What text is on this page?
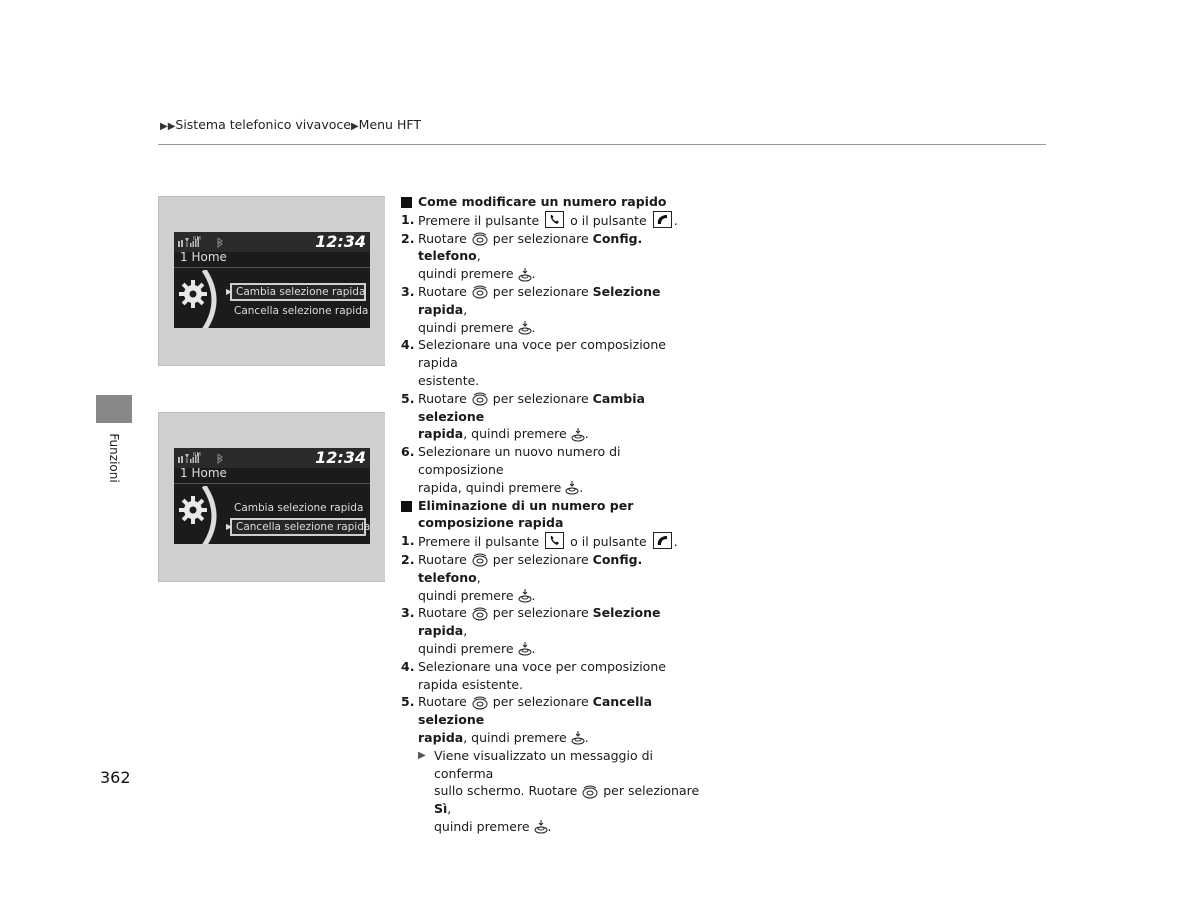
▶▶Sistema telefonico vivavoce▶Menu HFT
Funzioni
RM	12:34
1 Home
▶ Cambia selezione rapida
Cancella selezione rapida
RM	12:34
1 Home
Cambia selezione rapida
▶ Cancella selezione rapida

Come modificare un numero rapido

1. Premere il pulsante  o il pulsante .

2. Ruotare  per selezionare Config. telefono,
quindi premere .

3. Ruotare  per selezionare Selezione rapida,
quindi premere .

4. Selezionare una voce per composizione rapida
esistente.

5. Ruotare  per selezionare Cambia selezione
rapida, quindi premere .

6. Selezionare un nuovo numero di composizione
rapida, quindi premere .

Eliminazione di un numero per
composizione rapida

1. Premere il pulsante  o il pulsante .

2. Ruotare  per selezionare Config. telefono,
quindi premere .

3. Ruotare  per selezionare Selezione rapida,
quindi premere .

4. Selezionare una voce per composizione
rapida esistente.

5. Ruotare  per selezionare Cancella selezione
rapida, quindi premere .

▶ Viene visualizzato un messaggio di conferma
sullo schermo. Ruotare  per selezionare Sì,
quindi premere .

362
